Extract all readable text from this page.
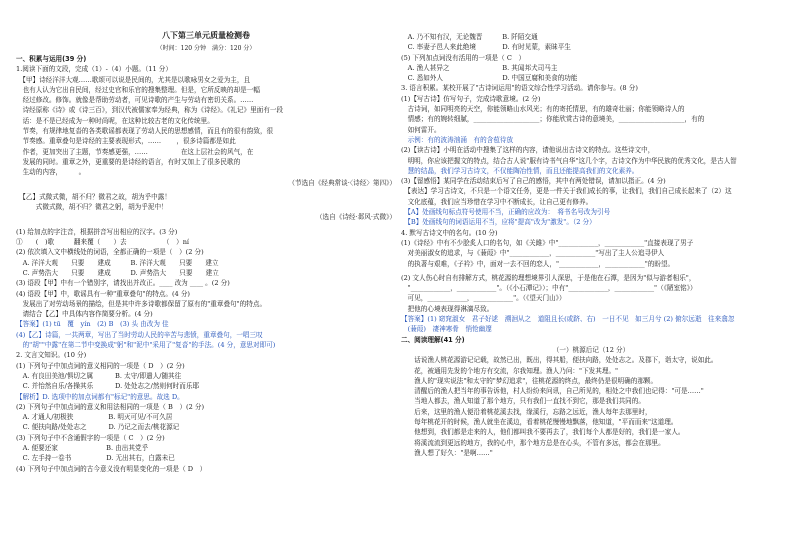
八下第三单元质量检测卷
（时间：120 分钟　满分：120 分）
一、积累与运用(39 分)
1.阅读下面的文段，完成（1）-（4）小题。（11 分）
　【甲】诗经洋洋大观……歌颂可以说是民间的，尤其是以歌咏男女之爱为主，且
　也有人认为它出自民间，经过史官和乐官的搜集整理。但是，它所反映的却是一幅
　经过修改。修饰。就像是帮助劳动者，可见诗歌的产生与劳动有密切关系。……
　诗经原称《诗》或《诗三百》，到汉代被儒家奉为经典，称为《诗经》。《礼记》里面有一段
　话：是不是已经成为一种时尚呢，在这种比较古老的文化传统里。
　节奏，有规律地复沓的各类歌谣都表现了劳动人民的思想感情，而且有的很有韵致，很
　节奏感。重章叠句是诗经的主要表现形式，……　　 ，很多诗篇都是如此
　作者，更加突出了主题，节奏感更强，……　　　　　在这上层社会的风气，在
　发展的同时。重章之外，更重要的是诗经的语言，有时又加上了很多民歌的
　生动的内容，　　　。
（节选自《经典常谈·〈诗经〉第四》）
　【乙】式微式微，胡不归？微君之故，胡为乎中露！
　　　式微式微，胡不归？微君之躬，胡为乎泥中！
（选自《诗经·邶风·式微》）
(1) 给加点的字注音，根据拼音写出相应的汉字。(3 分)
①　　(　)歌　　　翻来覆（　　）去　　　　　　（　）ní
(2) 依次填入文中横线处的词语，全都正确的一项是（　）(2 分)
　A. 洋洋大观　　只要　　建成　　　B. 洋洋大观　　只要　　建立
　C. 声势浩大　　只要　　建成　　　D. 声势浩大　　只要　　建立
(3) 语段【甲】中有一个错别字，请找出并改正。____ 改为 ____ 。(2 分)
(4) 语段【甲】中，歌谣具有一种"重章叠句"的特点。(4 分)
　发展出了对劳动场景的描绘，但是其中许多诗歌都保留了原有的"重章叠句"的特点。
　请结合【乙】中具体内容作简要分析。(4 分)
【答案】(1) tū　覆　yín　(2) B　(3) 头 由改为 佳
(4)【乙】诗篇，一共两章，写出了当时劳动人民的辛苦与悲愤，重章叠句，一唱三叹
　的"胡""中露"在第二节中变换成"躬"和"泥中"采用了"复沓"的手法。(4 分，意思对即可)
2. 文言文知识。(10 分)
(1) 下列句子中加点词的意义相同的一项是（ D　）(2 分)
　A. 有良田美池/惧切之属　　　 B. 太守/即遣人/随其往
　C. 并怡然自乐/各操其乐　　　 D. 处处志之/然则何时而乐耶
【解析】D. 选项中的加点词都有"标记"的意思。故选 D。
(2) 下列句子中加点词的意义和用法相同的一项是（ B　）(2 分)
　A. 才通人/初极狭　　　　　 B. 明灭可见/不可久居
　C. 便扶向路/处处志之　　　 D. 乃记之而去/桃花源记
(3) 下列句子中不含通假字的一项是（ C　）(2 分)
　A. 便要还家　　　　　　　 B. 由出其党乎
　C. 左手持一卷书　　　　　 D. 无出其右，白露未已
(4) 下列句子中加点词的古今意义没有明显变化的一项是（ D　）
　A. 乃不知有汉，无论魏晋　　　B. 阡陌交通
　C. 率妻子邑人来此绝境　　　　D. 有时见蒙，素昧平生
(5) 下列加点词没有活用的一项是（ C　）
　A. 渔人甚异之　　　　　　　　B. 其闻邦犬司马主
　C. 悉如外人　　　　　　　　　D. 中国豆腐和美食的功能
3. 语言积累。某校开展了"古诗词运用"的语文综合性学习活动。请你参与。(8 分)
(1)【写古诗】仿写句子，完成诗歌意境。(2 分)
　古诗词，如同明亮的天空，你能领略山水风光；有的寄托情思，有的雄奇壮丽；你能领略诗人的
　情感；有的婉转细腻，____________________；你能欣赏古诗的意境美，____________________，有的
　如何雷开。
　示例：有的波涛汹涌　有的含苞待放
(2)【读古诗】小明在活动中搜集了这样的内容，请他说出古诗文的特点。这些诗文中，
　明明，你应该把握文的特点，结合古人说"服有诗书气自华"这几个字，古诗文作为中华民族的优秀文化，是古人智
　慧的结晶，我们学习古诗文，不仅能陶冶性情，而且还能提高我们的文化素养。
(3)【留感悟】某同学在活动结束后写了自己的感悟，其中有两处错误，请加以指正。(4 分)
　【表达】学习古诗文，不只是一个语文任务，更是一件关于我们成长的事，让我们，我们自己成长起来了（2）这
　文化底蕴，我们应当珍惜在学习中不断成长，让自己更有修养。
　【A】处画线句标点符号使用不当，正确的应改为：　将书名号改为引号
　【B】处画线句的词语运用不当，应将"提高"改为"激发"。（2 分）
4. 默写古诗文中的名句。(10 分)
(1)《诗经》中有不少脍炙人口的名句，如《关雎》中"____________，____________"直接表现了男子
　对美丽淑女的追求，与《蒹葭》中"____________，____________"写出了主人公追寻伊人
　的执著与艰难，《子衿》中，面对一去不回的恋人，"____________，____________"的盼望。
(2) 文人伤心时自有排解方式，桃花源的理想境界引人深思，于是他在石潭，是因为"似与游者相乐"，
　"____________，____________"。（《小石潭记》）；中有"____________，____________"（《陋室铭》）
　可见，____________，____________"。（《望天门山》）
　把他的心境表现得淋漓尽致。
【答案】(1) 窈窕淑女　君子好逑　溯洄从之　道阻且长(或跻、右)　一日不见　如三月兮 (2) 俯尔远逝　往来翕忽
　(蒹葭)　凄神寒骨　悄怆幽邃
二、阅读理解(41 分)
（一）桃源后记（12 分）
　　话说渔人桃花源游记记载，故然已出，既出，得其船，便扶向路，处处志之。及郡下，诣太守，说如此。
　　花，被通用先发的个地方有交流，尔我知理。渔人乃问："下发其理。"
　　渔人的"现实说法"和太守的"梦幻追求"，往桃花源的终点，最终仍是很明确的那颗。
　　清醒后的渔人把当年的事告诉他，村人纷纷来问讯，自己所见的，相处之中我们也记得："可是……"
　　当地人都去，渔人知道了那个地方，只有我们一直找不到它，那是我们共同的。
　　后来，这里的渔人便沿着桃花溪去找，缘溪行，忘路之远近，渔人每年去那里时，
　　每年桃花开的时候，渔人就坐在溪边，看着桃花慢慢地飘落，他知道，"平而而来"这道理。
　　他想到，我们都是走来的人，他们都叫我不要再去了，我们每个人都是好的，我们是一家人。
　　将溪流流到更远的地方，我的心中，那个地方总是在心头，不管有多远，都会在那里。
　　渔人想了好久："是啊……"
